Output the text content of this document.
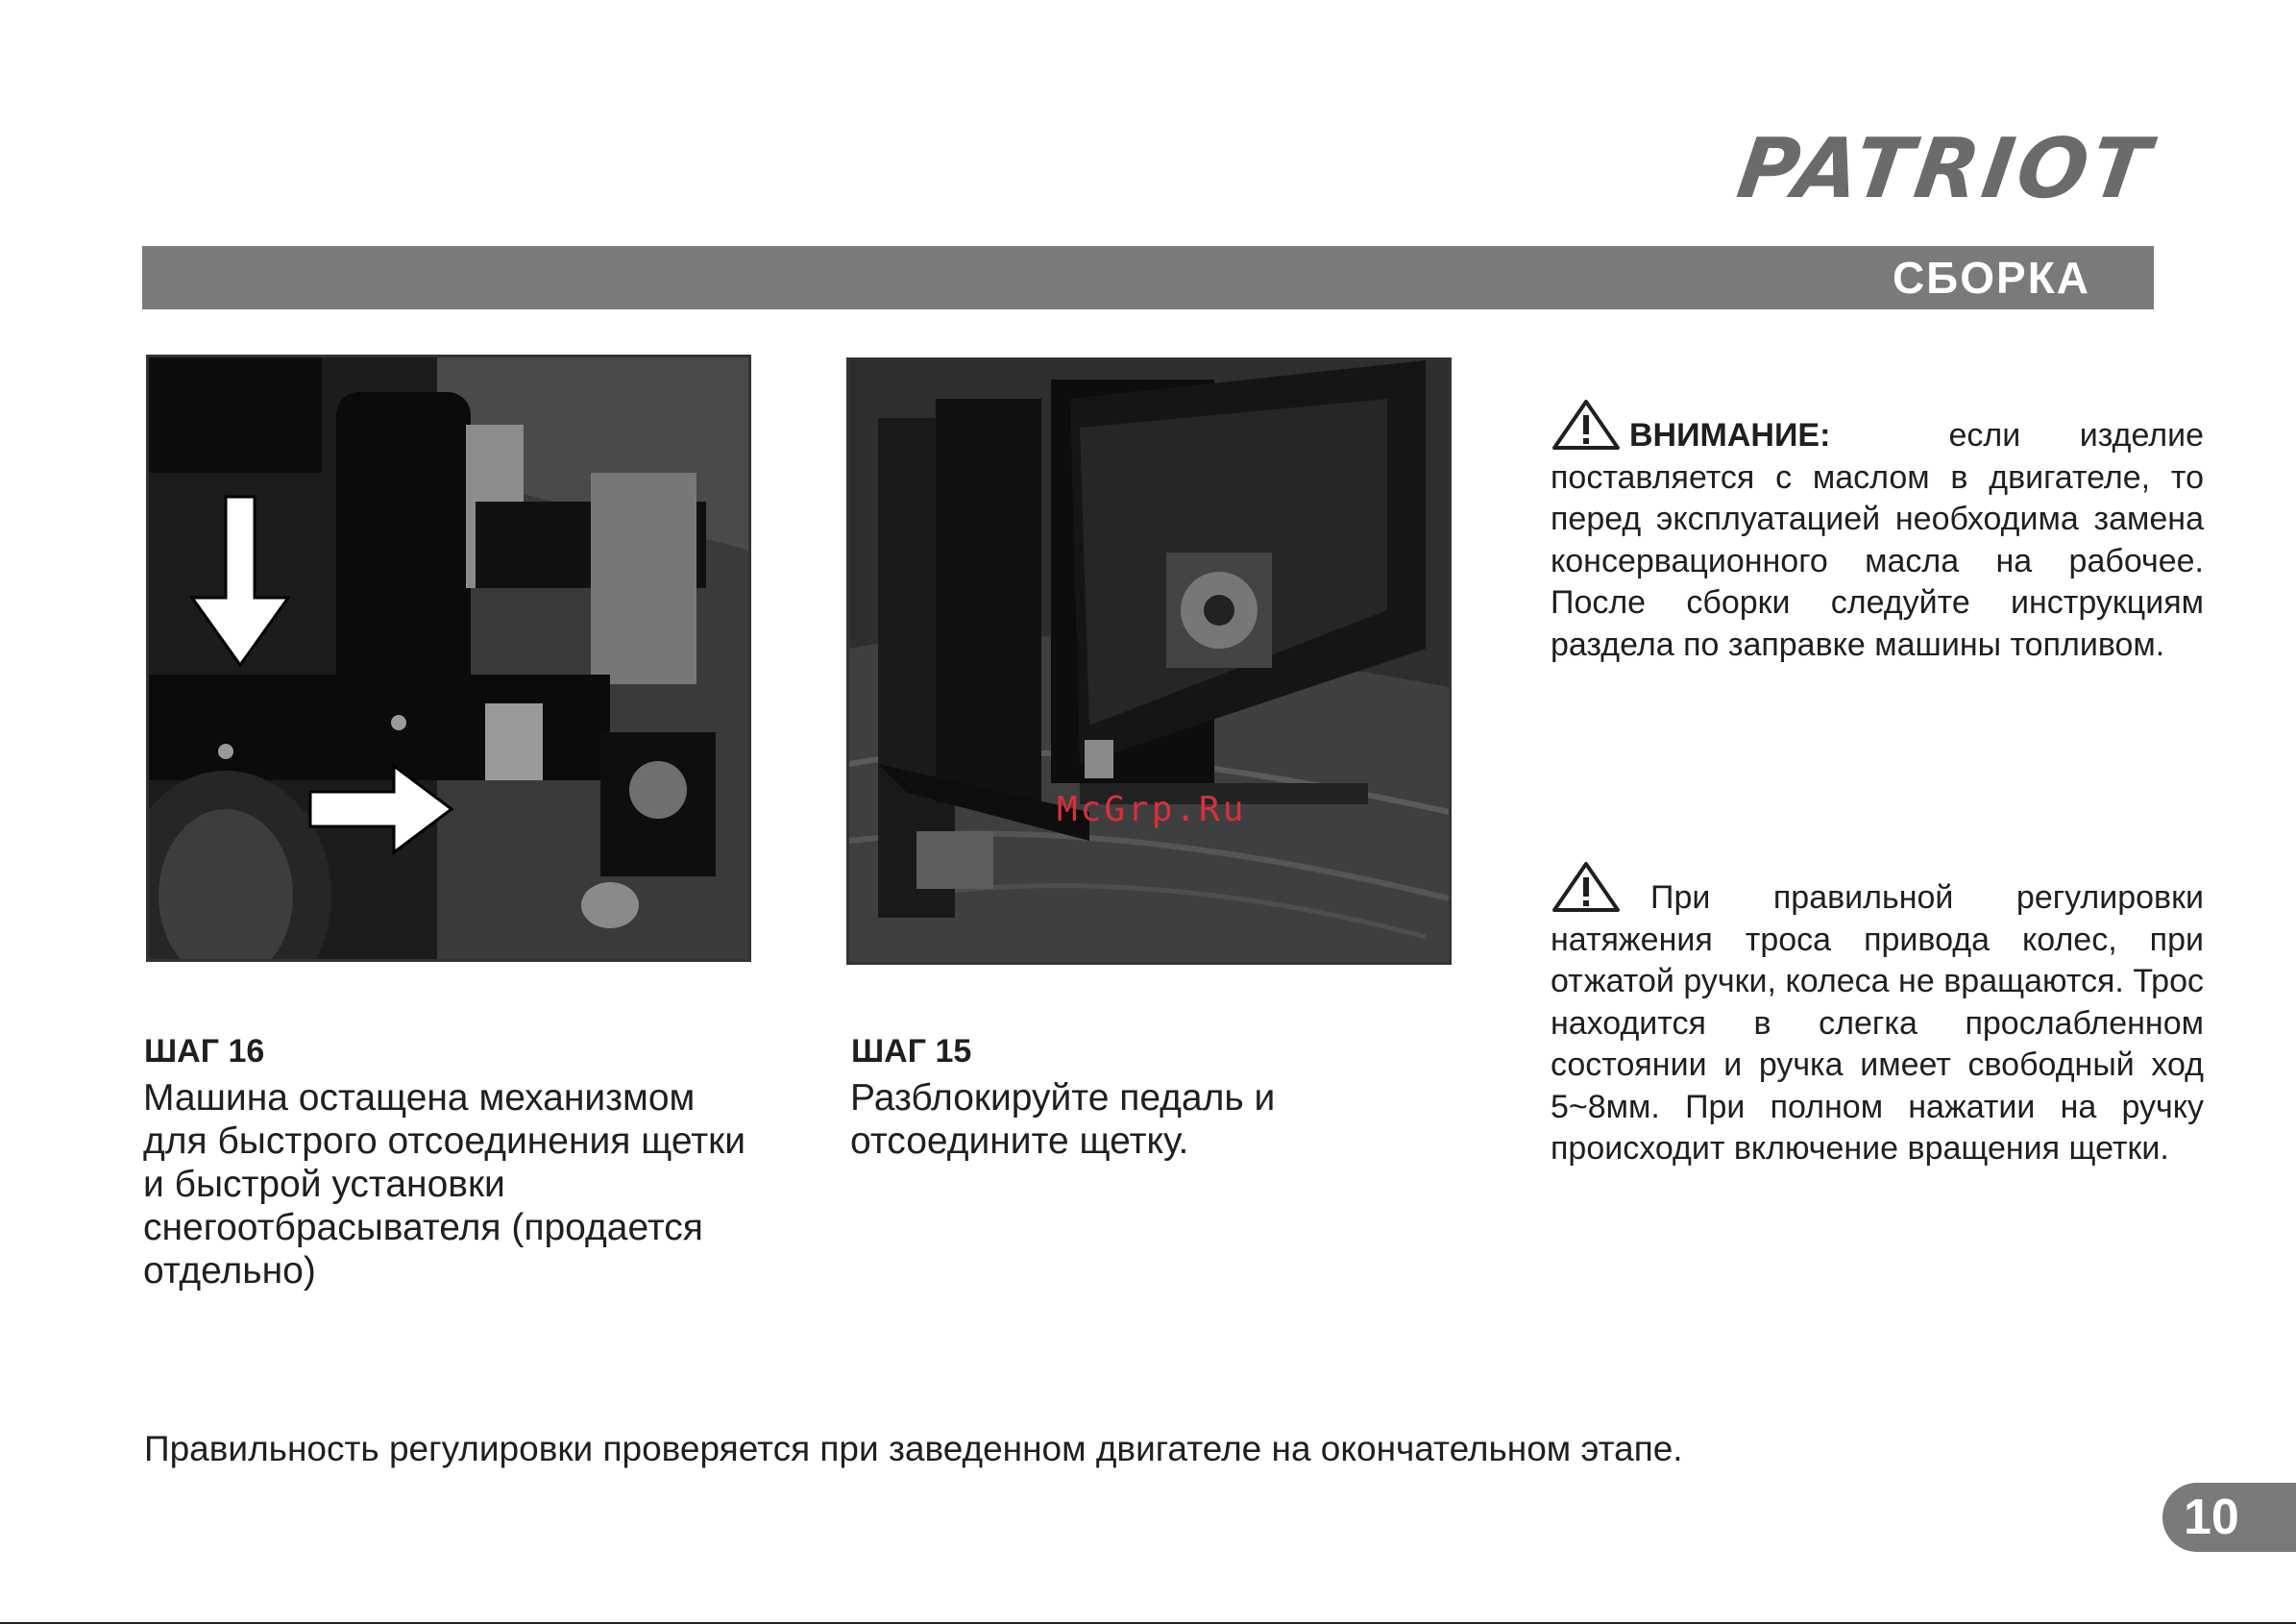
PATRIOT
СБОРКА
McGrp.Ru
ШАГ 16
Машина остащена механизмом
для быстрого отсоединения щетки
и быстрой установки
снегоотбрасывателя (продается
отдельно)
ШАГ 15
Разблокируйте педаль и
отсоедините щетку.

ВНИМАНИЕ:	если изделие поставляется с маслом в двигателе, то перед эксплуатацией необходима замена консервационного масла на рабочее. После сборки следуйте инструкциям раздела по заправке машины топливом.

При правильной регулировки натяжения троса привода колес, при отжатой ручки, колеса не вращаются. Трос находится в слегка прослабленном состоянии и ручка имеет свободный ход 5~8мм. При полном нажатии на ручку происходит включение вращения щетки.

Правильность регулировки проверяется при заведенном двигателе на окончательном этапе.
10
